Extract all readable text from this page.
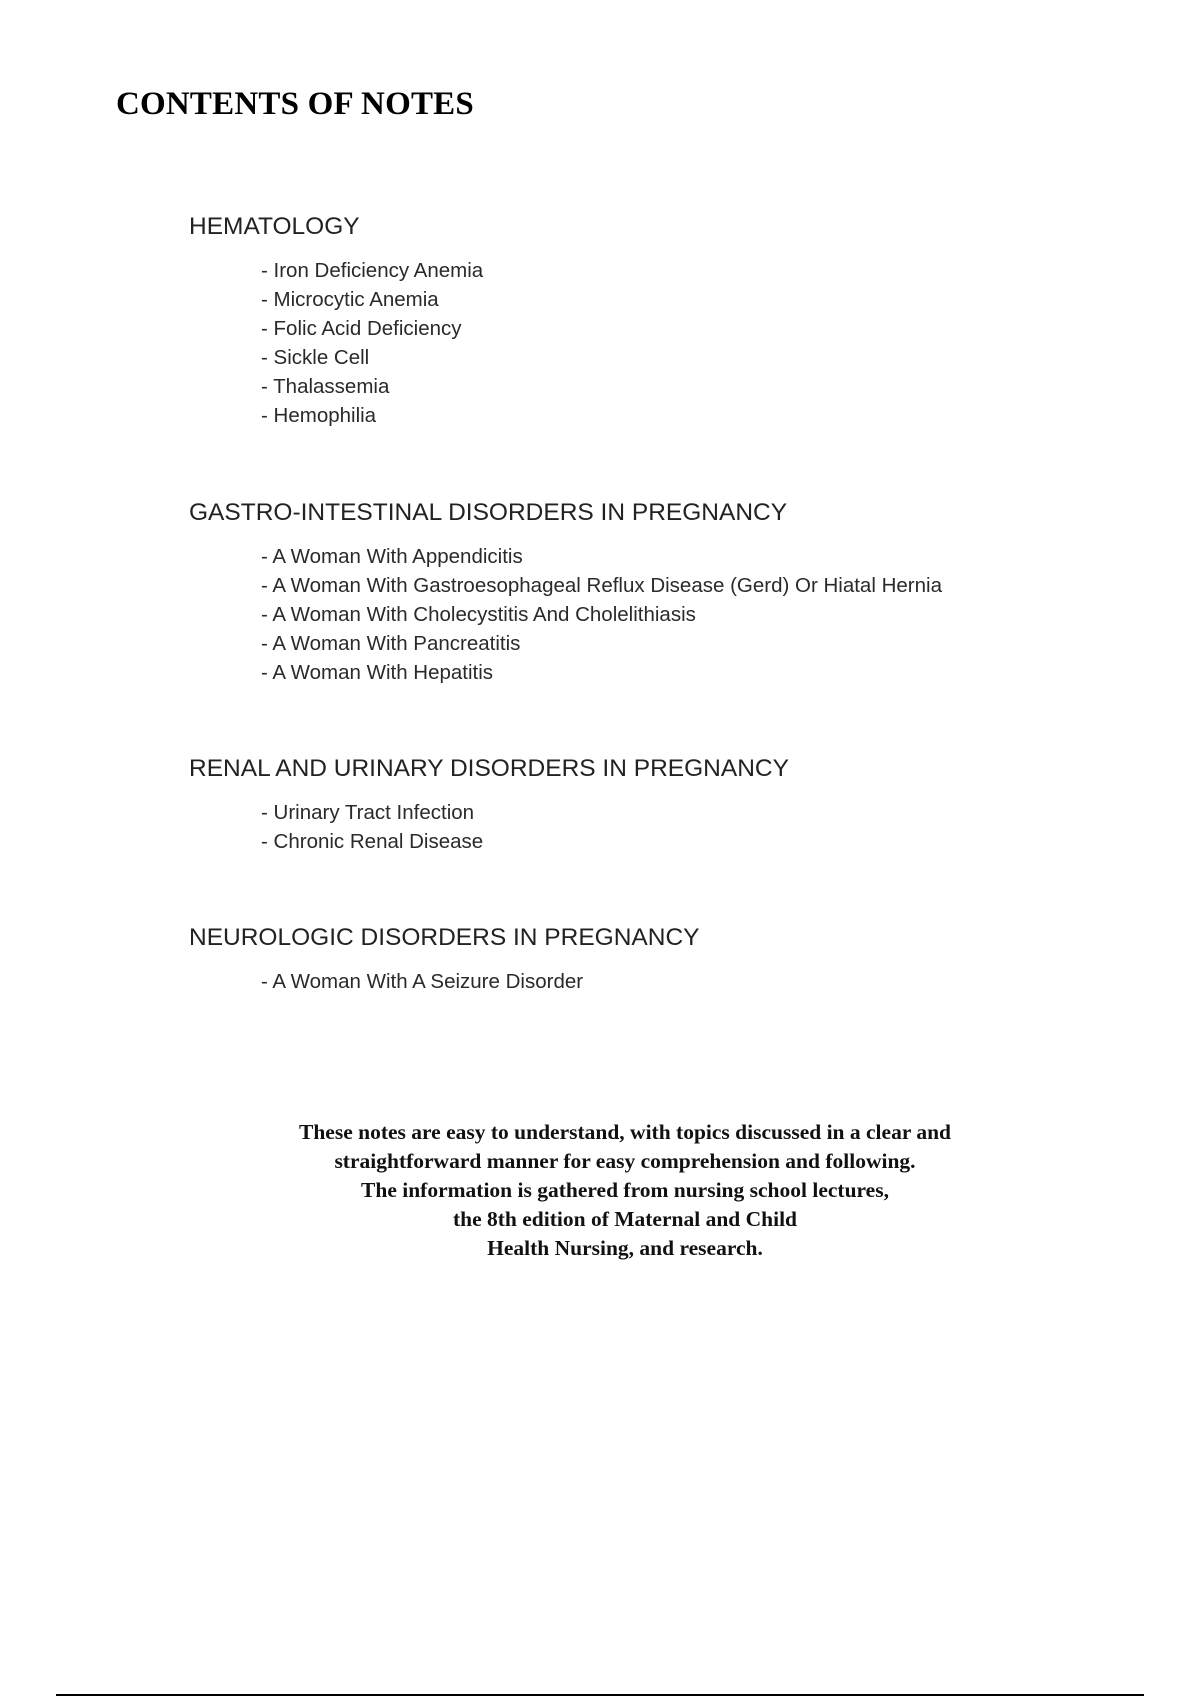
CONTENTS OF NOTES
HEMATOLOGY
- Iron Deficiency Anemia
- Microcytic Anemia
- Folic Acid Deficiency
- Sickle Cell
- Thalassemia
- Hemophilia
GASTRO-INTESTINAL DISORDERS IN PREGNANCY
- A Woman With Appendicitis
- A Woman With Gastroesophageal Reflux Disease (Gerd) Or Hiatal Hernia
- A Woman With Cholecystitis And Cholelithiasis
- A Woman With Pancreatitis
- A Woman With Hepatitis
RENAL AND URINARY DISORDERS IN PREGNANCY
- Urinary Tract Infection
- Chronic Renal Disease
NEUROLOGIC DISORDERS IN PREGNANCY
- A Woman With A Seizure Disorder
These notes are easy to understand, with topics discussed in a clear and
straightforward manner for easy comprehension and following.
The information is gathered from nursing school lectures,
the 8th edition of Maternal and Child
Health Nursing, and research.
